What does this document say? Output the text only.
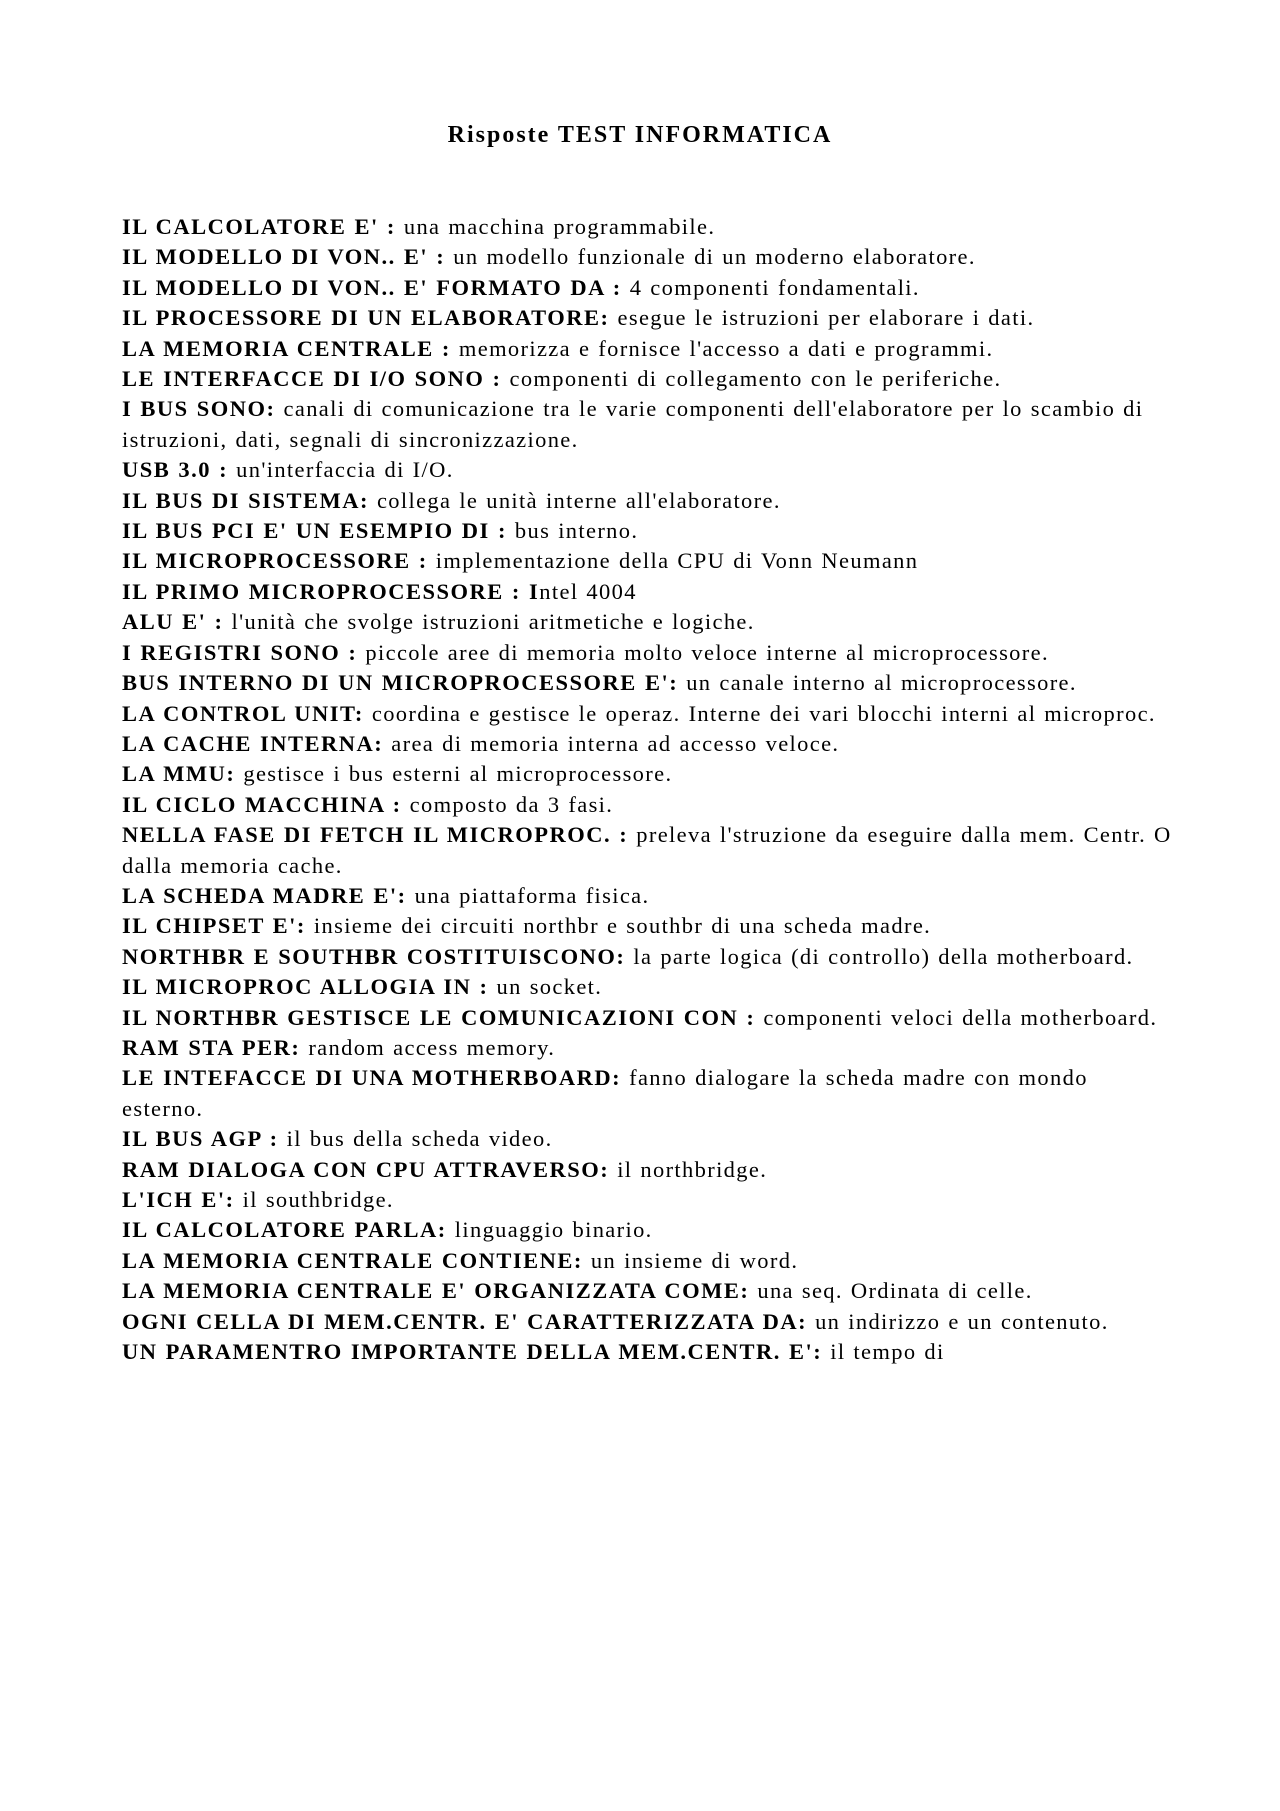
Risposte TEST INFORMATICA
IL CALCOLATORE E' : una macchina programmabile.
IL MODELLO DI VON.. E' : un modello funzionale di un moderno elaboratore.
IL MODELLO DI VON.. E' FORMATO DA : 4 componenti fondamentali.
IL PROCESSORE DI UN ELABORATORE: esegue le istruzioni per elaborare i dati.
LA MEMORIA CENTRALE : memorizza e fornisce l'accesso a dati e programmi.
LE INTERFACCE DI I/O SONO : componenti di collegamento con le periferiche.
I BUS SONO: canali di comunicazione tra le varie componenti dell'elaboratore per lo scambio di istruzioni, dati, segnali di sincronizzazione.
USB 3.0 : un'interfaccia di I/O.
IL BUS DI SISTEMA: collega le unità interne all'elaboratore.
IL BUS PCI E' UN ESEMPIO DI : bus interno.
IL MICROPROCESSORE : implementazione della CPU di Vonn Neumann
IL PRIMO MICROPROCESSORE : Intel 4004
ALU E' : l'unità che svolge istruzioni aritmetiche e logiche.
I REGISTRI SONO : piccole aree di memoria molto veloce interne al microprocessore.
BUS INTERNO DI UN MICROPROCESSORE E': un canale interno al microprocessore.
LA CONTROL UNIT: coordina e gestisce le operaz. Interne dei vari blocchi interni al microproc.
LA CACHE INTERNA: area di memoria interna ad accesso veloce.
LA MMU: gestisce i bus esterni al microprocessore.
IL CICLO MACCHINA : composto da 3 fasi.
NELLA FASE DI FETCH IL MICROPROC. : preleva l'struzione da eseguire dalla mem. Centr. O dalla memoria cache.
LA SCHEDA MADRE E': una piattaforma fisica.
IL CHIPSET E': insieme dei circuiti northbr e southbr di una scheda madre.
NORTHBR E SOUTHBR COSTITUISCONO: la parte logica (di controllo) della motherboard.
IL MICROPROC ALLOGIA IN : un socket.
IL NORTHBR GESTISCE LE COMUNICAZIONI CON : componenti veloci della motherboard.
RAM STA PER: random access memory.
LE INTEFACCE DI UNA MOTHERBOARD: fanno dialogare la scheda madre con mondo esterno.
IL BUS AGP : il bus della scheda video.
RAM DIALOGA CON CPU ATTRAVERSO: il northbridge.
L'ICH E': il southbridge.
IL CALCOLATORE PARLA: linguaggio binario.
LA MEMORIA CENTRALE CONTIENE: un insieme di word.
LA MEMORIA CENTRALE E' ORGANIZZATA COME: una seq. Ordinata di celle.
OGNI CELLA DI MEM.CENTR. E' CARATTERIZZATA DA: un indirizzo e un contenuto.
UN PARAMENTRO IMPORTANTE DELLA MEM.CENTR. E': il tempo di
